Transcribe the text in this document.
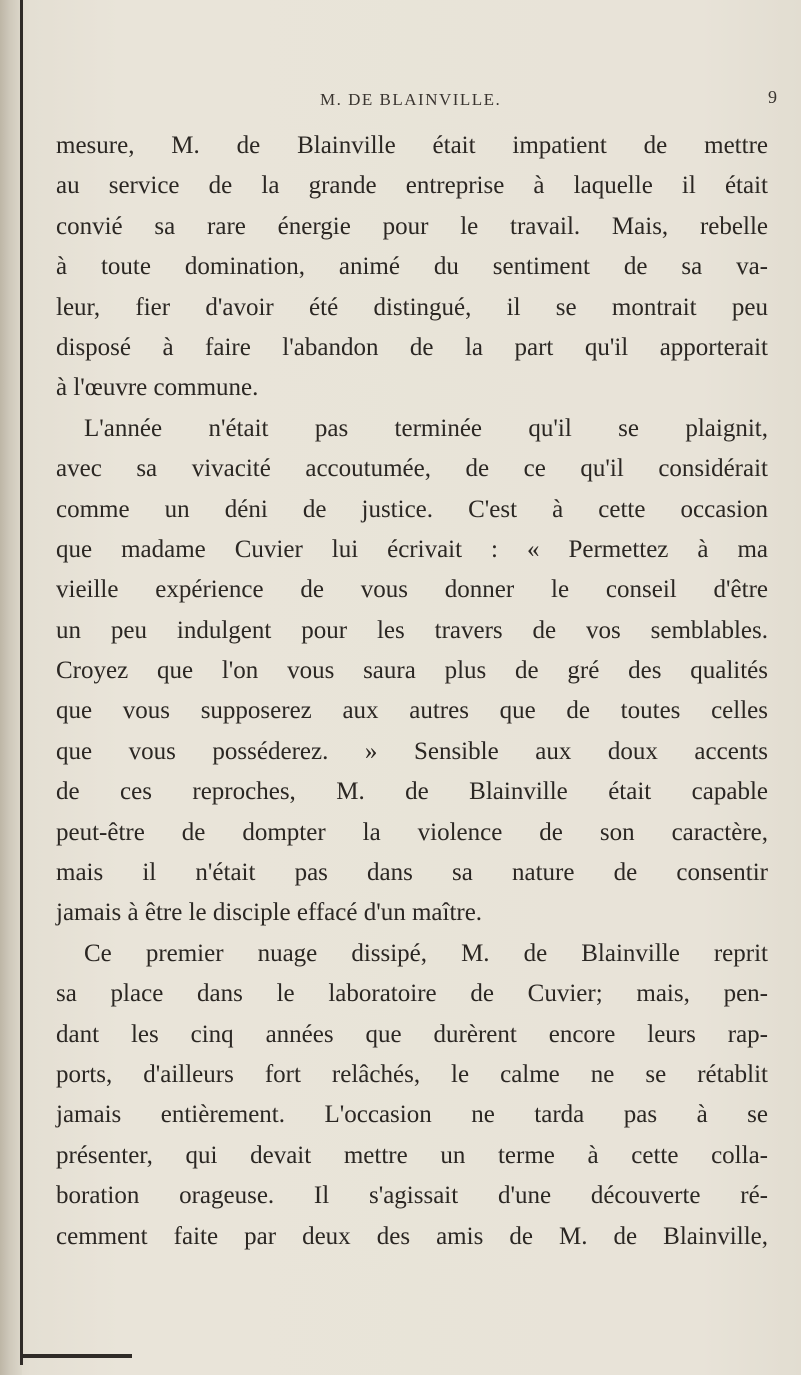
M. DE BLAINVILLE.	9
mesure, M. de Blainville était impatient de mettre
au service de la grande entreprise à laquelle il était
convié sa rare énergie pour le travail. Mais, rebelle
à toute domination, animé du sentiment de sa va-
leur, fier d'avoir été distingué, il se montrait peu
disposé à faire l'abandon de la part qu'il apporterait
à l'œuvre commune.
L'année n'était pas terminée qu'il se plaignit,
avec sa vivacité accoutumée, de ce qu'il considérait
comme un déni de justice. C'est à cette occasion
que madame Cuvier lui écrivait : « Permettez à ma
vieille expérience de vous donner le conseil d'être
un peu indulgent pour les travers de vos semblables.
Croyez que l'on vous saura plus de gré des qualités
que vous supposerez aux autres que de toutes celles
que vous posséderez. » Sensible aux doux accents
de ces reproches, M. de Blainville était capable
peut-être de dompter la violence de son caractère,
mais il n'était pas dans sa nature de consentir
jamais à être le disciple effacé d'un maître.
Ce premier nuage dissipé, M. de Blainville reprit
sa place dans le laboratoire de Cuvier; mais, pen-
dant les cinq années que durèrent encore leurs rap-
ports, d'ailleurs fort relâchés, le calme ne se rétablit
jamais entièrement. L'occasion ne tarda pas à se
présenter, qui devait mettre un terme à cette colla-
boration orageuse. Il s'agissait d'une découverte ré-
cemment faite par deux des amis de M. de Blainville,
